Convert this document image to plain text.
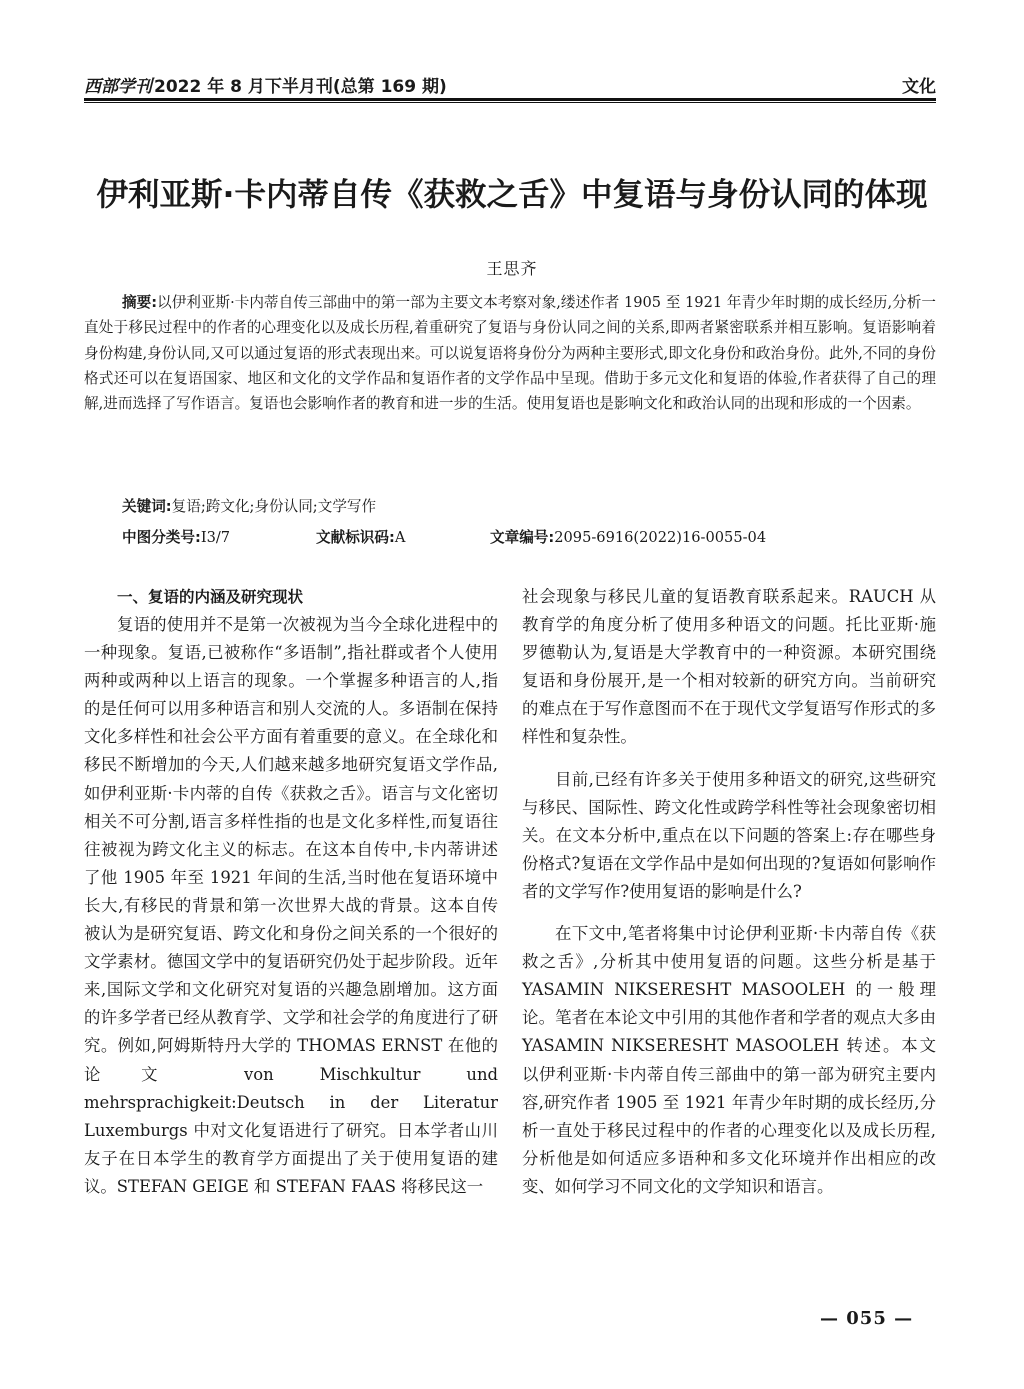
西部学刊 2022 年 8 月下半月刊(总第 169 期)	文化
伊利亚斯·卡内蒂自传《获救之舌》中复语与身份认同的体现
王思齐
摘要:以伊利亚斯·卡内蒂自传三部曲中的第一部为主要文本考察对象,缕述作者 1905 至 1921 年青少年时期的成长经历,分析一直处于移民过程中的作者的心理变化以及成长历程,着重研究了复语与身份认同之间的关系,即两者紧密联系并相互影响。复语影响着身份构建,身份认同,又可以通过复语的形式表现出来。可以说复语将身份分为两种主要形式,即文化身份和政治身份。此外,不同的身份格式还可以在复语国家、地区和文化的文学作品和复语作者的文学作品中呈现。借助于多元文化和复语的体验,作者获得了自己的理解,进而选择了写作语言。复语也会影响作者的教育和进一步的生活。使用复语也是影响文化和政治认同的出现和形成的一个因素。
关键词:复语;跨文化;身份认同;文学写作
中图分类号:I3/7	文献标识码:A	文章编号:2095-6916(2022)16-0055-04
一、复语的内涵及研究现状

复语的使用并不是第一次被视为当今全球化进程中的一种现象。复语,已被称作“多语制”,指社群或者个人使用两种或两种以上语言的现象。一个掌握多种语言的人,指的是任何可以用多种语言和别人交流的人。多语制在保持文化多样性和社会公平方面有着重要的意义。在全球化和移民不断增加的今天,人们越来越多地研究复语文学作品,如伊利亚斯·卡内蒂的自传《获救之舌》。语言与文化密切相关不可分割,语言多样性指的也是文化多样性,而复语往往被视为跨文化主义的标志。在这本自传中,卡内蒂讲述了他 1905 年至 1921 年间的生活,当时他在复语环境中长大,有移民的背景和第一次世界大战的背景。这本自传被认为是研究复语、跨文化和身份之间关系的一个很好的文学素材。德国文学中的复语研究仍处于起步阶段。近年来,国际文学和文化研究对复语的兴趣急剧增加。这方面的许多学者已经从教育学、文学和社会学的角度进行了研究。例如,阿姆斯特丹大学的 THOMAS ERNST 在他的论文 von Mischkultur und mehrsprachigkeit:Deutsch in der Literatur Luxemburgs 中对文化复语进行了研究。日本学者山川友子在日本学生的教育学方面提出了关于使用复语的建议。STEFAN GEIGE 和 STEFAN FAAS 将移民这一

社会现象与移民儿童的复语教育联系起来。RAUCH 从教育学的角度分析了使用多种语文的问题。托比亚斯·施罗德勒认为,复语是大学教育中的一种资源。本研究围绕复语和身份展开,是一个相对较新的研究方向。当前研究的难点在于写作意图而不在于现代文学复语写作形式的多样性和复杂性。

目前,已经有许多关于使用多种语文的研究,这些研究与移民、国际性、跨文化性或跨学科性等社会现象密切相关。在文本分析中,重点在以下问题的答案上:存在哪些身份格式?复语在文学作品中是如何出现的?复语如何影响作者的文学写作?使用复语的影响是什么?

在下文中,笔者将集中讨论伊利亚斯·卡内蒂自传《获救之舌》,分析其中使用复语的问题。这些分析是基于 YASAMIN NIKSERESHT MASOOLEH 的一般理论。笔者在本论文中引用的其他作者和学者的观点大多由 YASAMIN NIKSERESHT MASOOLEH 转述。本文以伊利亚斯·卡内蒂自传三部曲中的第一部为研究主要内容,研究作者 1905 至 1921 年青少年时期的成长经历,分析一直处于移民过程中的作者的心理变化以及成长历程,分析他是如何适应多语种和多文化环境并作出相应的改变、如何学习不同文化的文学知识和语言。

— 055 —
